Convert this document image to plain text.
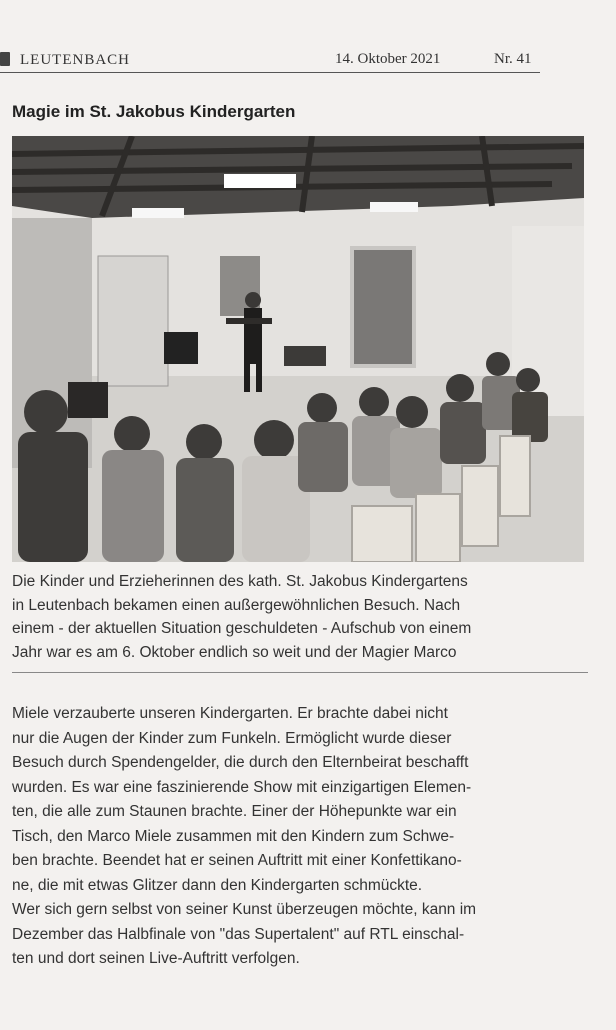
LEUTENBACH	14. Oktober 2021	Nr. 41
Magie im St. Jakobus Kindergarten

Die Kinder und Erzieherinnen des kath. St. Jakobus Kindergartens

in Leutenbach bekamen einen außergewöhnlichen Besuch. Nach

einem - der aktuellen Situation geschuldeten - Aufschub von einem

Jahr war es am 6. Oktober endlich so weit und der Magier Marco

Miele verzauberte unseren Kindergarten. Er brachte dabei nicht

nur die Augen der Kinder zum Funkeln. Ermöglicht wurde dieser

Besuch durch Spendengelder, die durch den Elternbeirat beschafft

wurden. Es war eine faszinierende Show mit einzigartigen Elemen-

ten, die alle zum Staunen brachte. Einer der Höhepunkte war ein

Tisch, den Marco Miele zusammen mit den Kindern zum Schwe-

ben brachte. Beendet hat er seinen Auftritt mit einer Konfettikano-

ne, die mit etwas Glitzer dann den Kindergarten schmückte.

Wer sich gern selbst von seiner Kunst überzeugen möchte, kann im

Dezember das Halbfinale von "das Supertalent" auf RTL einschal-

ten und dort seinen Live-Auftritt verfolgen.
